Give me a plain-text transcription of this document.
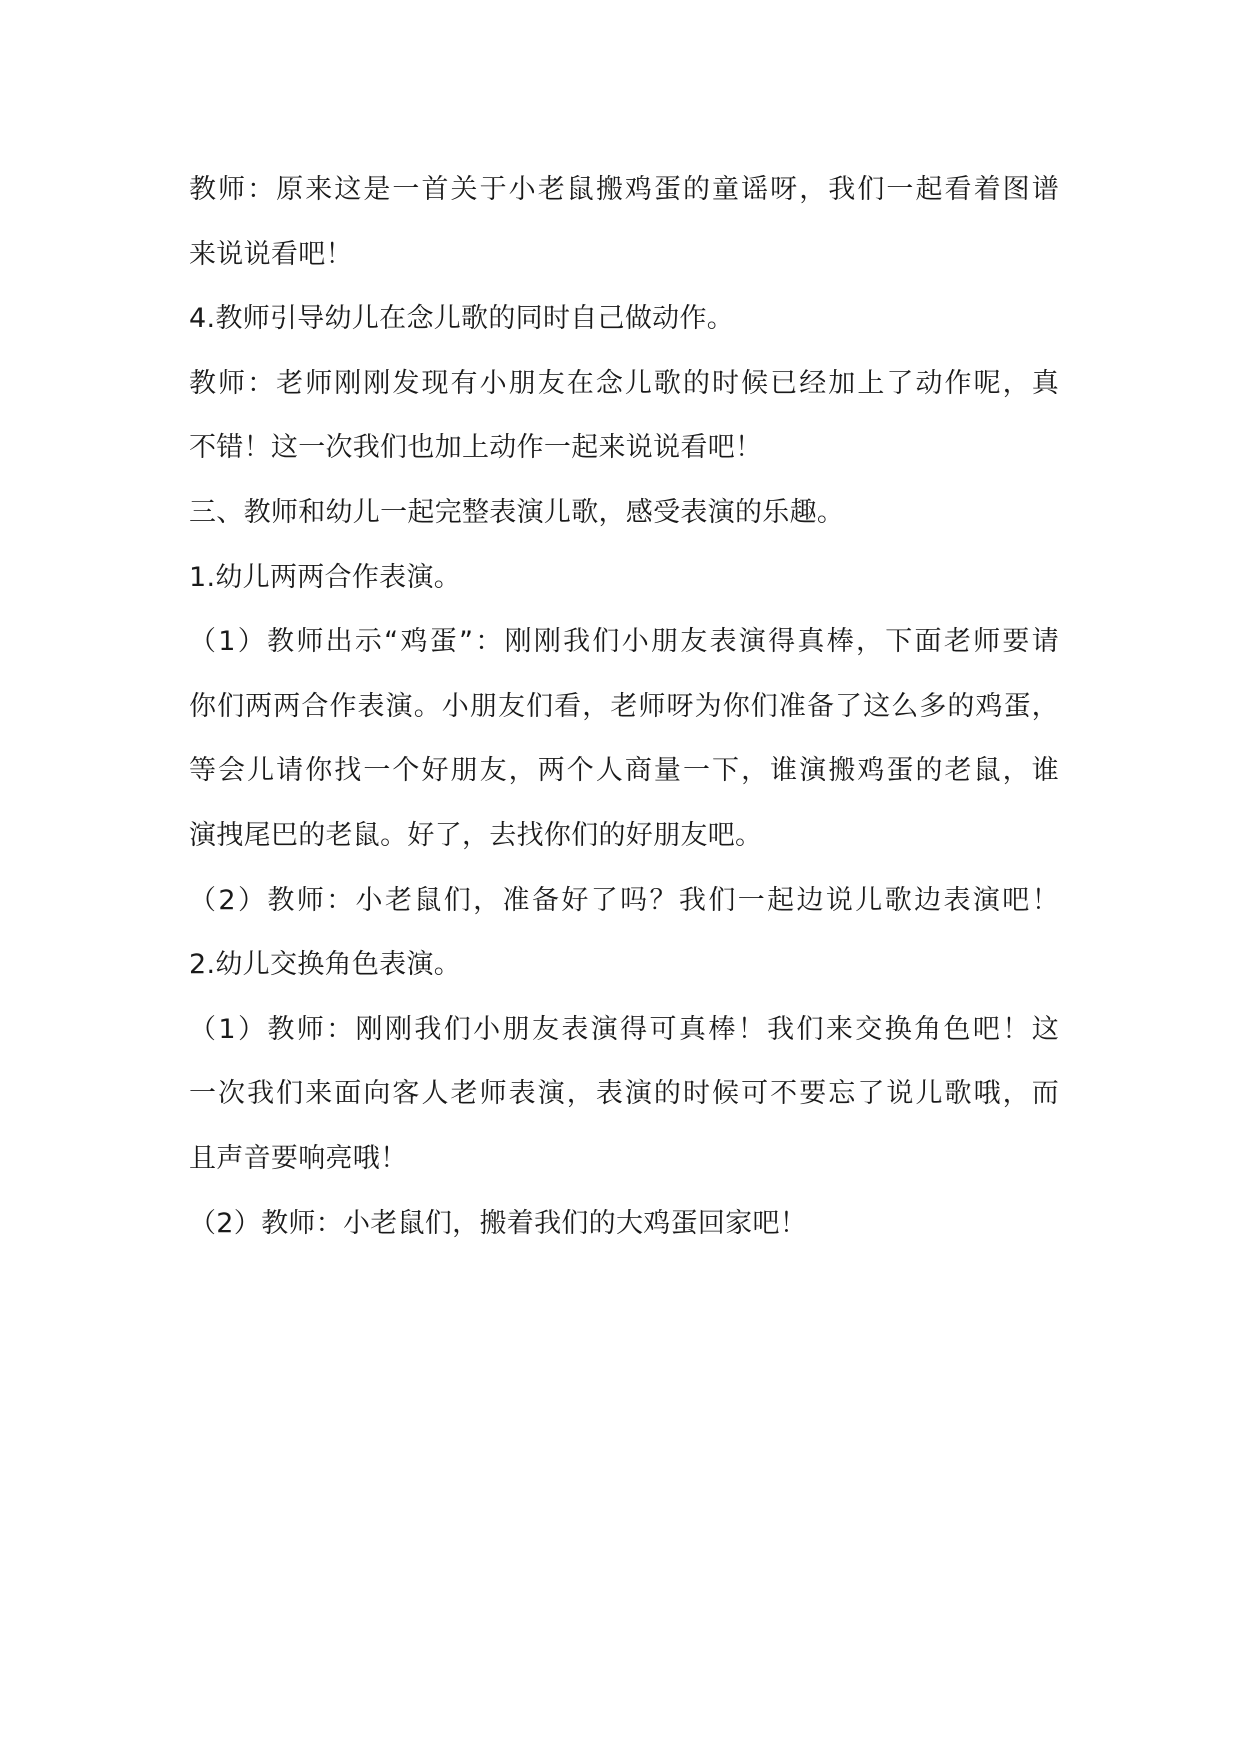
教师：原来这是一首关于小老鼠搬鸡蛋的童谣呀，我们一起看着图谱
来说说看吧！
4.教师引导幼儿在念儿歌的同时自己做动作。
教师：老师刚刚发现有小朋友在念儿歌的时候已经加上了动作呢，真
不错！这一次我们也加上动作一起来说说看吧！
三、教师和幼儿一起完整表演儿歌，感受表演的乐趣。
1.幼儿两两合作表演。
（1）教师出示“鸡蛋”：刚刚我们小朋友表演得真棒，下面老师要请
你们两两合作表演。小朋友们看，老师呀为你们准备了这么多的鸡蛋，
等会儿请你找一个好朋友，两个人商量一下，谁演搬鸡蛋的老鼠，谁
演拽尾巴的老鼠。好了，去找你们的好朋友吧。
（2）教师：小老鼠们，准备好了吗？我们一起边说儿歌边表演吧！
2.幼儿交换角色表演。
（1）教师：刚刚我们小朋友表演得可真棒！我们来交换角色吧！这
一次我们来面向客人老师表演，表演的时候可不要忘了说儿歌哦，而
且声音要响亮哦！
（2）教师：小老鼠们，搬着我们的大鸡蛋回家吧！
